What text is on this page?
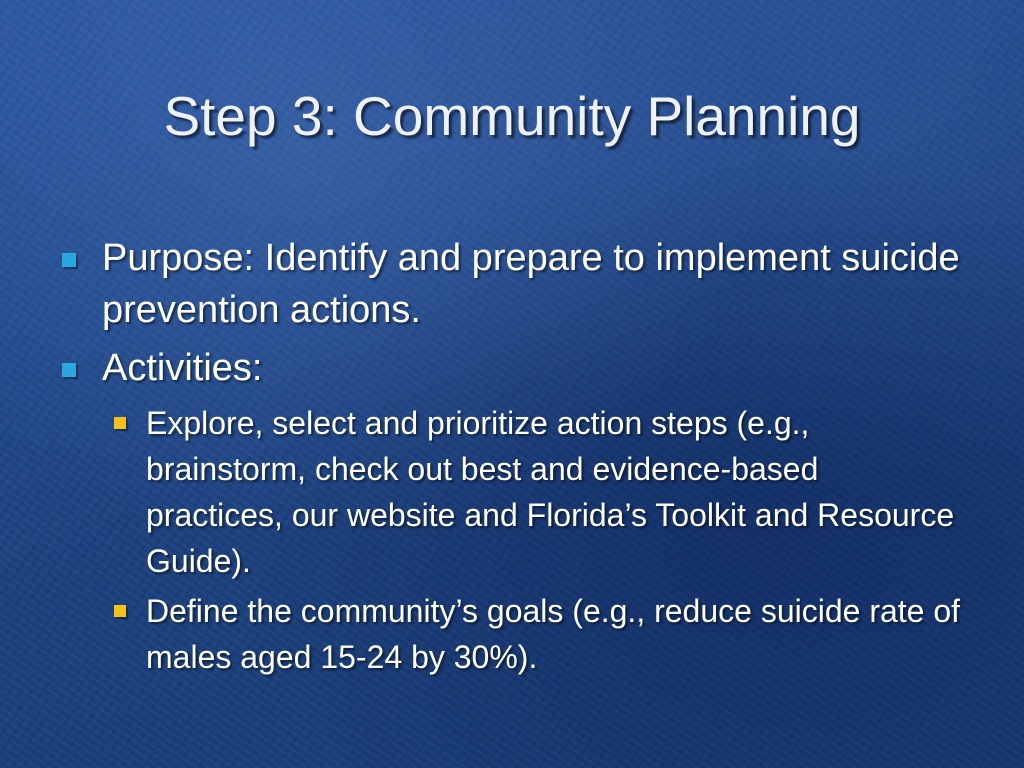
Step 3: Community Planning
Purpose: Identify and prepare to implement suicide prevention actions.
Activities:
Explore, select and prioritize action steps (e.g., brainstorm, check out best and evidence-based practices, our website and Florida’s Toolkit and Resource Guide).
Define the community’s goals (e.g., reduce suicide rate of males aged 15-24 by 30%).
